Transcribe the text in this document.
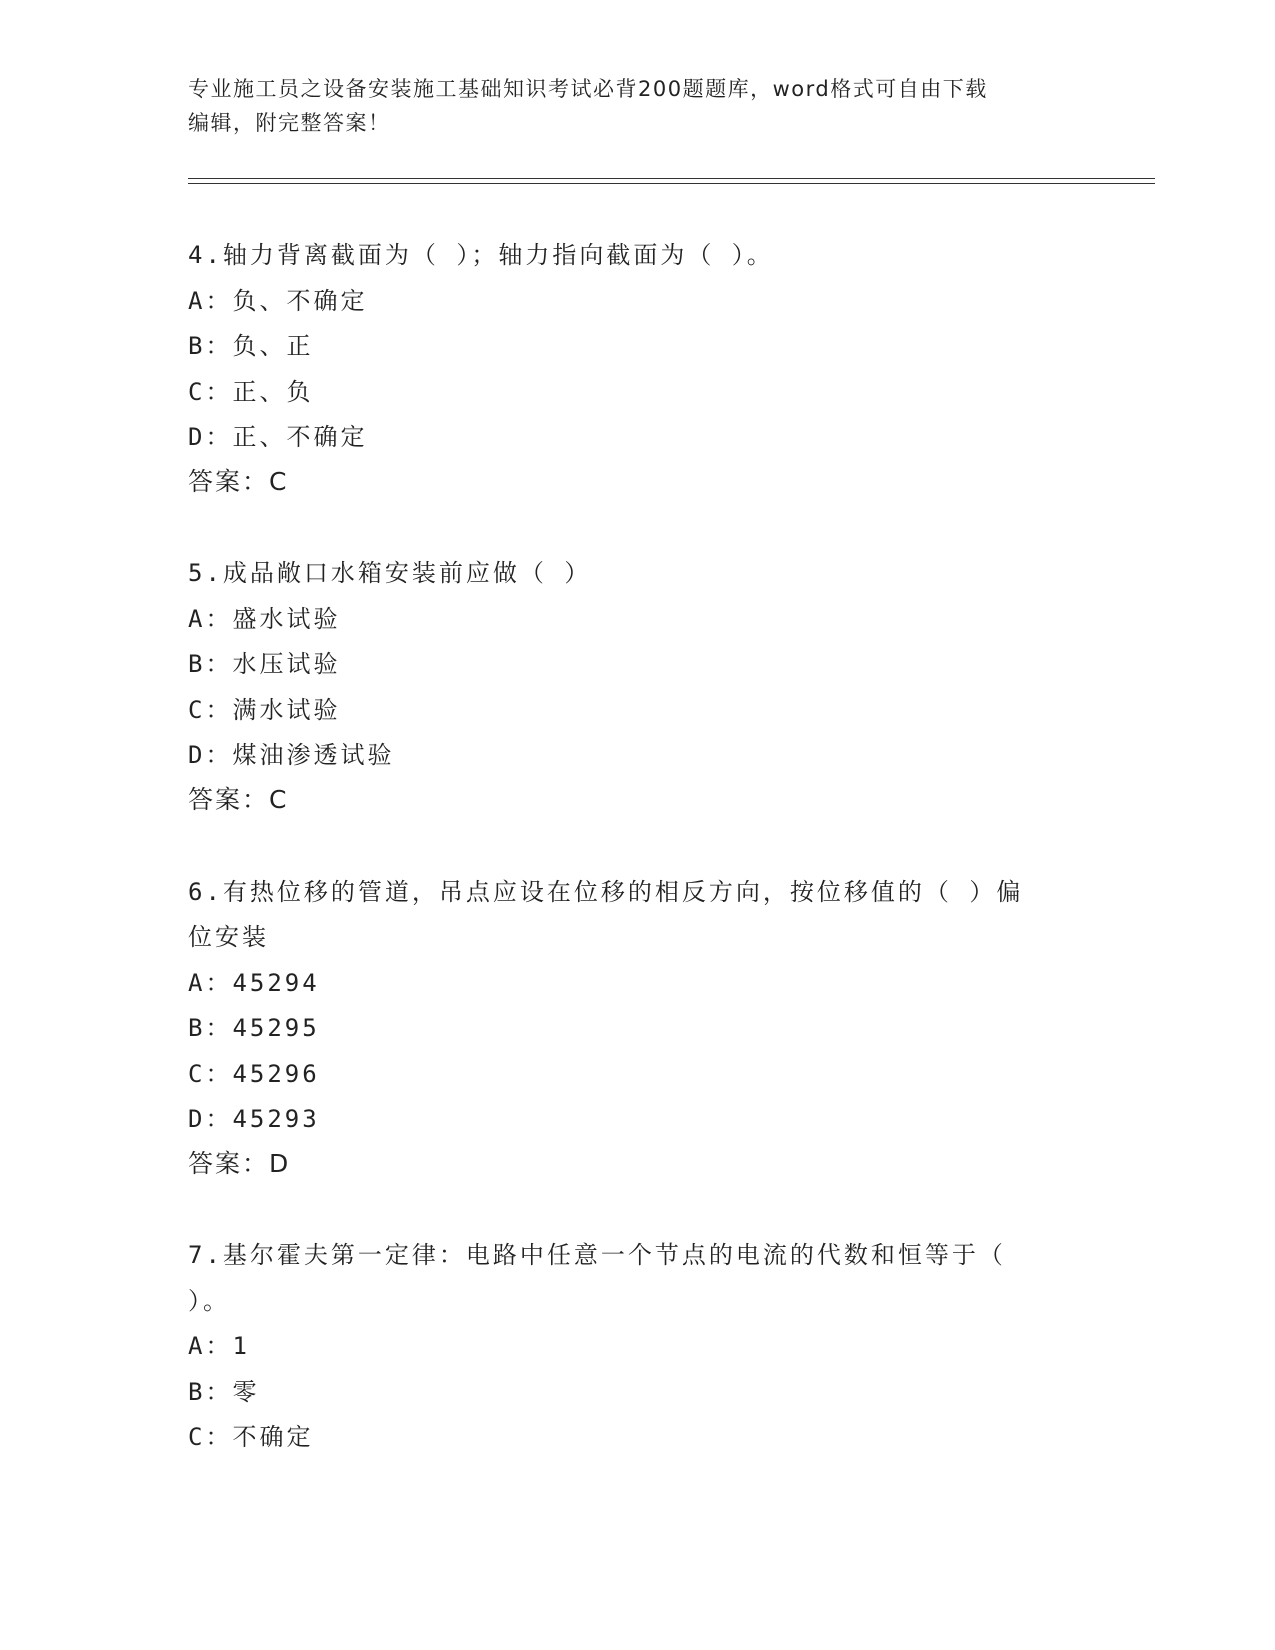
专业施工员之设备安装施工基础知识考试必背200题题库，word格式可自由下载
编辑，附完整答案！
4.轴力背离截面为（ ）；轴力指向截面为（ ）。
A：负、不确定
B：负、正
C：正、负
D：正、不确定
答案：C
5.成品敞口水箱安装前应做（ ）
A：盛水试验
B：水压试验
C：满水试验
D：煤油渗透试验
答案：C
6.有热位移的管道，吊点应设在位移的相反方向，按位移值的（ ）偏
位安装
A：45294
B：45295
C：45296
D：45293
答案：D
7.基尔霍夫第一定律：电路中任意一个节点的电流的代数和恒等于（
）。
A：1
B：零
C：不确定
